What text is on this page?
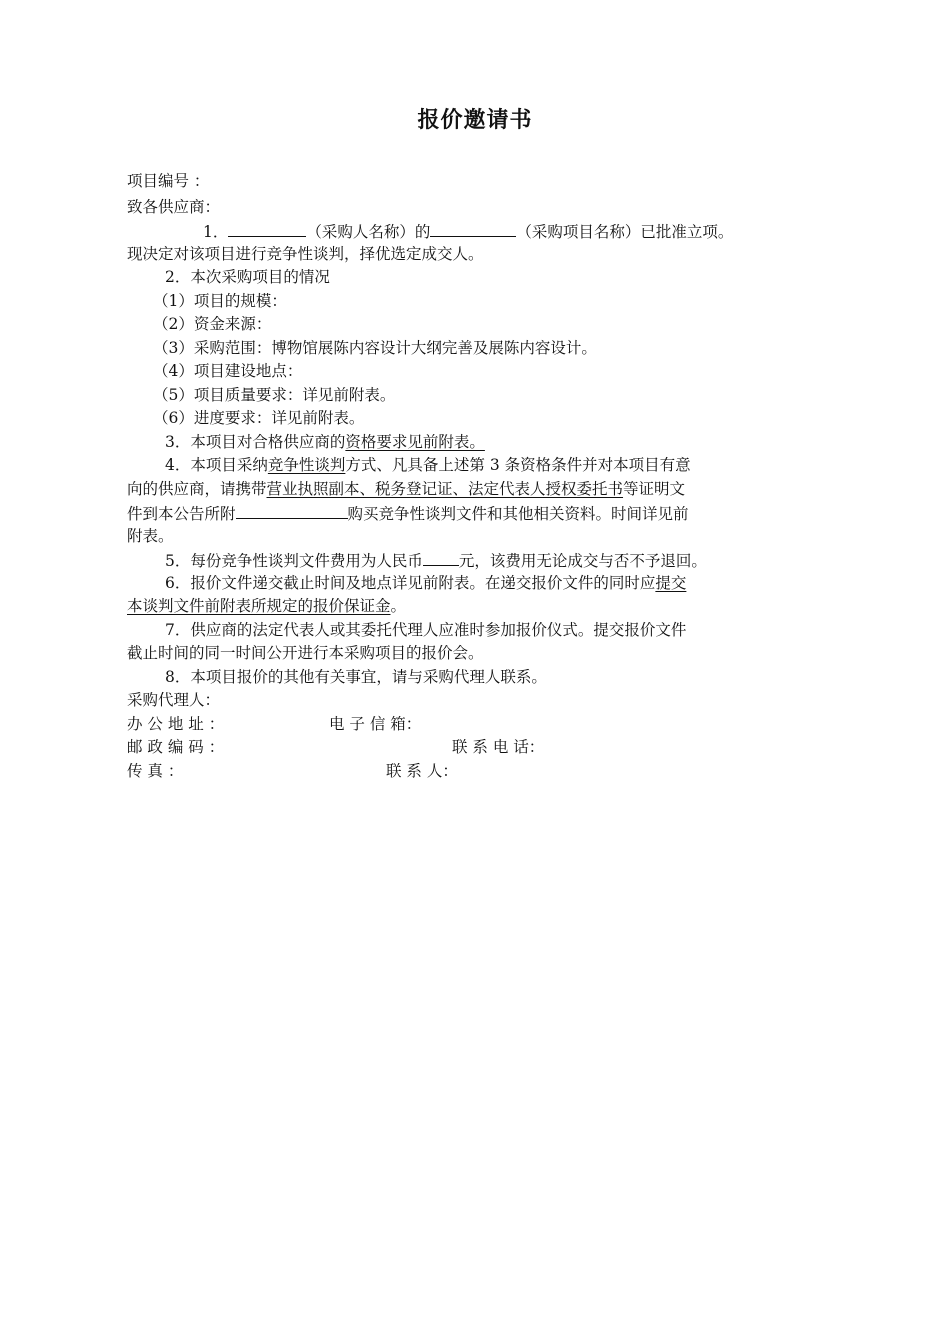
报价邀请书
项目编号 ：
致各供应商：
1．	（采购人名称）的	（采购项目名称）已批准立项。
现决定对该项目进行竞争性谈判，择优选定成交人。
2．本次采购项目的情况
（1）项目的规模：
（2）资金来源：
（3）采购范围：博物馆展陈内容设计大纲完善及展陈内容设计。
（4）项目建设地点：
（5）项目质量要求：详见前附表。
（6）进度要求：详见前附表。
3．本项目对合格供应商的资格要求见前附表。
4．本项目采纳竞争性谈判方式、凡具备上述第 3 条资格条件并对本项目有意
向的供应商，请携带营业执照副本、税务登记证、法定代表人授权委托书等证明文
件到本公告所附	购买竞争性谈判文件和其他相关资料。时间详见前
附表。
5．每份竞争性谈判文件费用为人民币 元，该费用无论成交与否不予退回。
6．报价文件递交截止时间及地点详见前附表。在递交报价文件的同时应提交
本谈判文件前附表所规定的报价保证金。
7．供应商的法定代表人或其委托代理人应准时参加报价仪式。提交报价文件
截止时间的同一时间公开进行本采购项目的报价会。
8．本项目报价的其他有关事宜，请与采购代理人联系。
采购代理人：
办 公 地 址 ：	电 子 信 箱：
邮 政 编 码 ：	联 系 电 话：
传 真 ：	联 系 人：
